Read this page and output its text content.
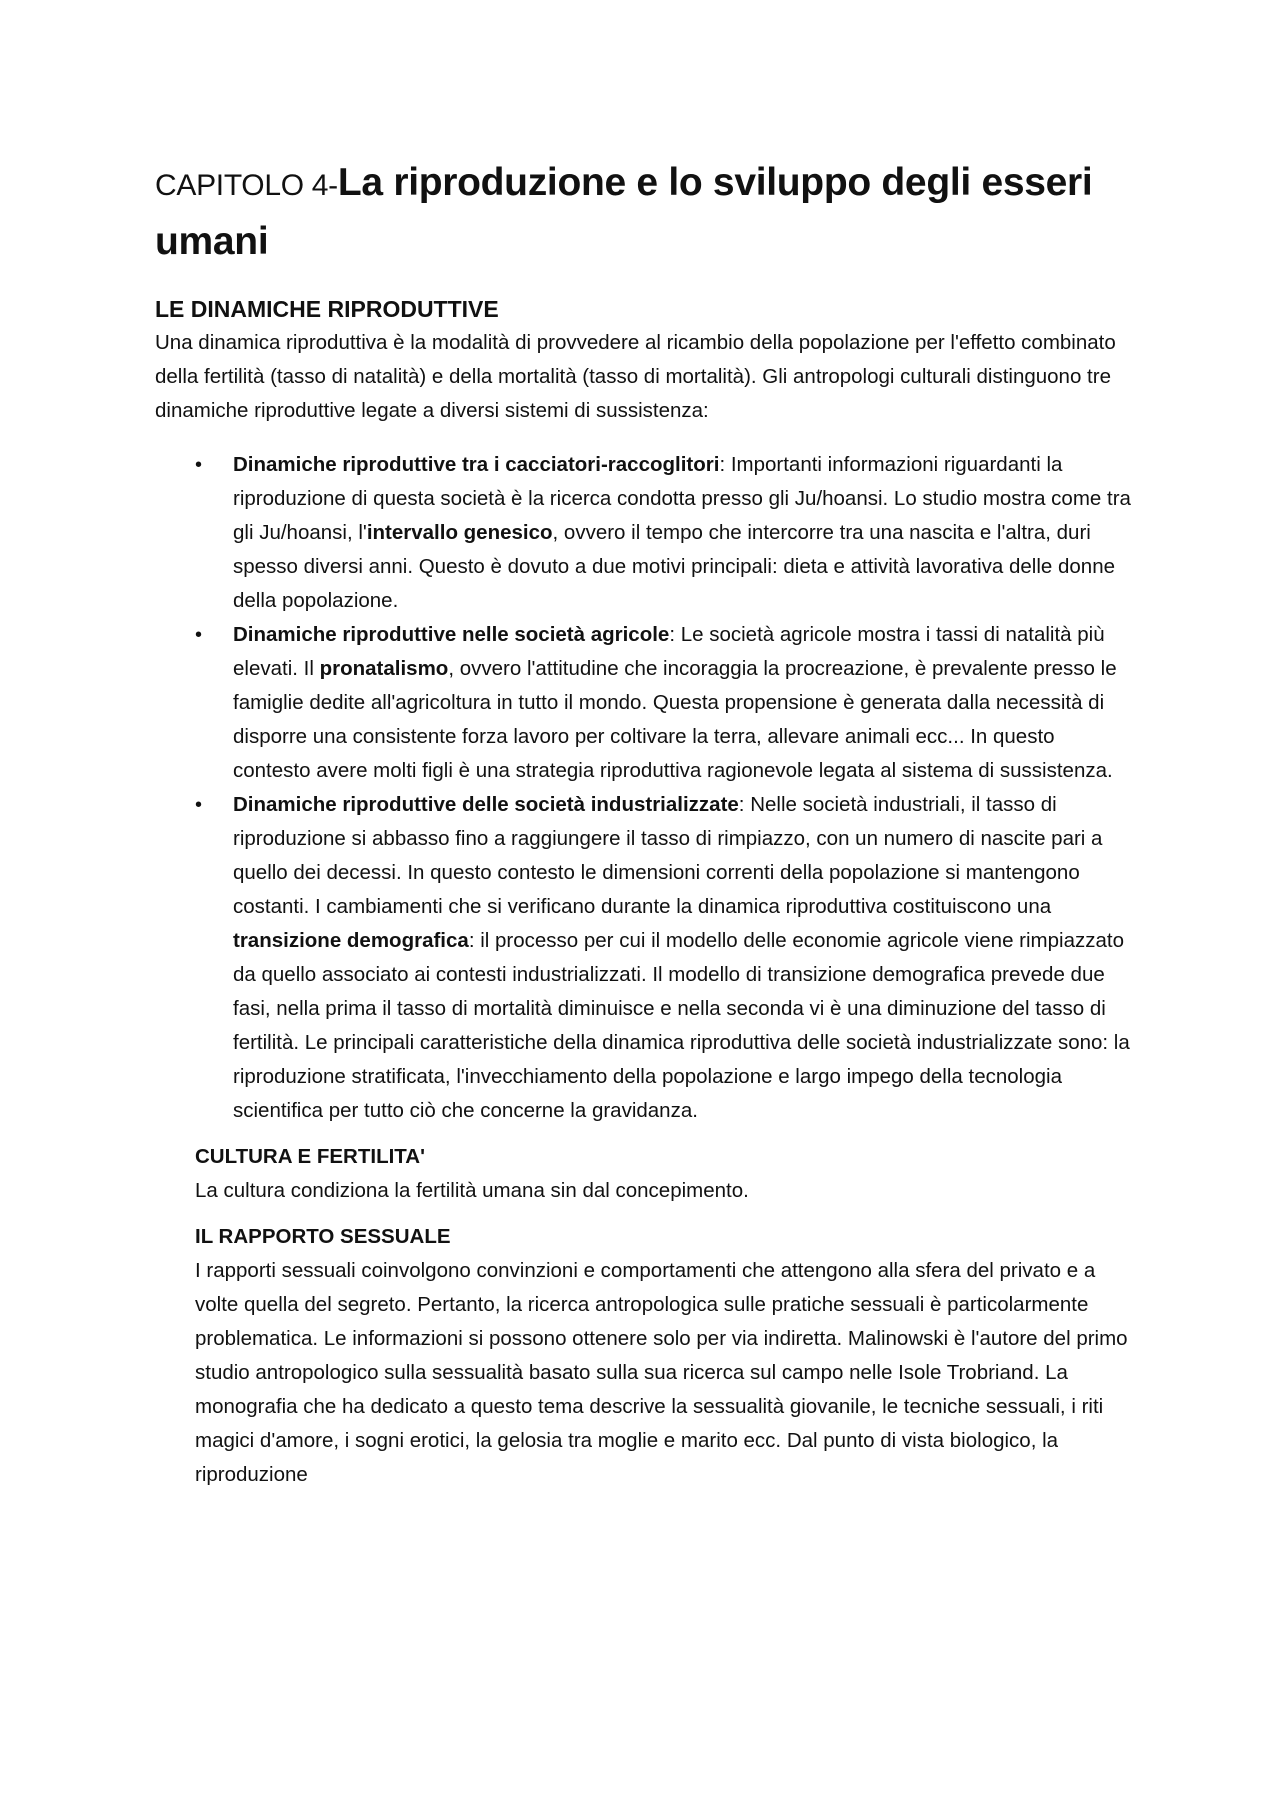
CAPITOLO 4-La riproduzione e lo sviluppo degli esseri umani
LE DINAMICHE RIPRODUTTIVE

Una dinamica riproduttiva è la modalità di provvedere al ricambio della popolazione per l'effetto combinato della fertilità (tasso di natalità) e della mortalità (tasso di mortalità). Gli antropologi culturali distinguono tre dinamiche riproduttive legate a diversi sistemi di sussistenza:

• Dinamiche riproduttive tra i cacciatori-raccoglitori: Importanti informazioni riguardanti la riproduzione di questa società è la ricerca condotta presso gli Ju/hoansi. Lo studio mostra come tra gli Ju/hoansi, l'intervallo genesico, ovvero il tempo che intercorre tra una nascita e l'altra, duri spesso diversi anni. Questo è dovuto a due motivi principali: dieta e attività lavorativa delle donne della popolazione.
• Dinamiche riproduttive nelle società agricole: Le società agricole mostra i tassi di natalità più elevati. Il pronatalismo, ovvero l'attitudine che incoraggia la procreazione, è prevalente presso le famiglie dedite all'agricoltura in tutto il mondo. Questa propensione è generata dalla necessità di disporre una consistente forza lavoro per coltivare la terra, allevare animali ecc... In questo contesto avere molti figli è una strategia riproduttiva ragionevole legata al sistema di sussistenza.
• Dinamiche riproduttive delle società industrializzate: Nelle società industriali, il tasso di riproduzione si abbasso fino a raggiungere il tasso di rimpiazzo, con un numero di nascite pari a quello dei decessi. In questo contesto le dimensioni correnti della popolazione si mantengono costanti. I cambiamenti che si verificano durante la dinamica riproduttiva costituiscono una transizione demografica: il processo per cui il modello delle economie agricole viene rimpiazzato da quello associato ai contesti industrializzati. Il modello di transizione demografica prevede due fasi, nella prima il tasso di mortalità diminuisce e nella seconda vi è una diminuzione del tasso di fertilità. Le principali caratteristiche della dinamica riproduttiva delle società industrializzate sono: la riproduzione stratificata, l'invecchiamento della popolazione e largo impego della tecnologia scientifica per tutto ciò che concerne la gravidanza.
CULTURA E FERTILITA'

La cultura condiziona la fertilità umana sin dal concepimento.

IL RAPPORTO SESSUALE

I rapporti sessuali coinvolgono convinzioni e comportamenti che attengono alla sfera del privato e a volte quella del segreto. Pertanto, la ricerca antropologica sulle pratiche sessuali è particolarmente problematica. Le informazioni si possono ottenere solo per via indiretta. Malinowski è l'autore del primo studio antropologico sulla sessualità basato sulla sua ricerca sul campo nelle Isole Trobriand. La monografia che ha dedicato a questo tema descrive la sessualità giovanile, le tecniche sessuali, i riti magici d'amore, i sogni erotici, la gelosia tra moglie e marito ecc. Dal punto di vista biologico, la riproduzione
